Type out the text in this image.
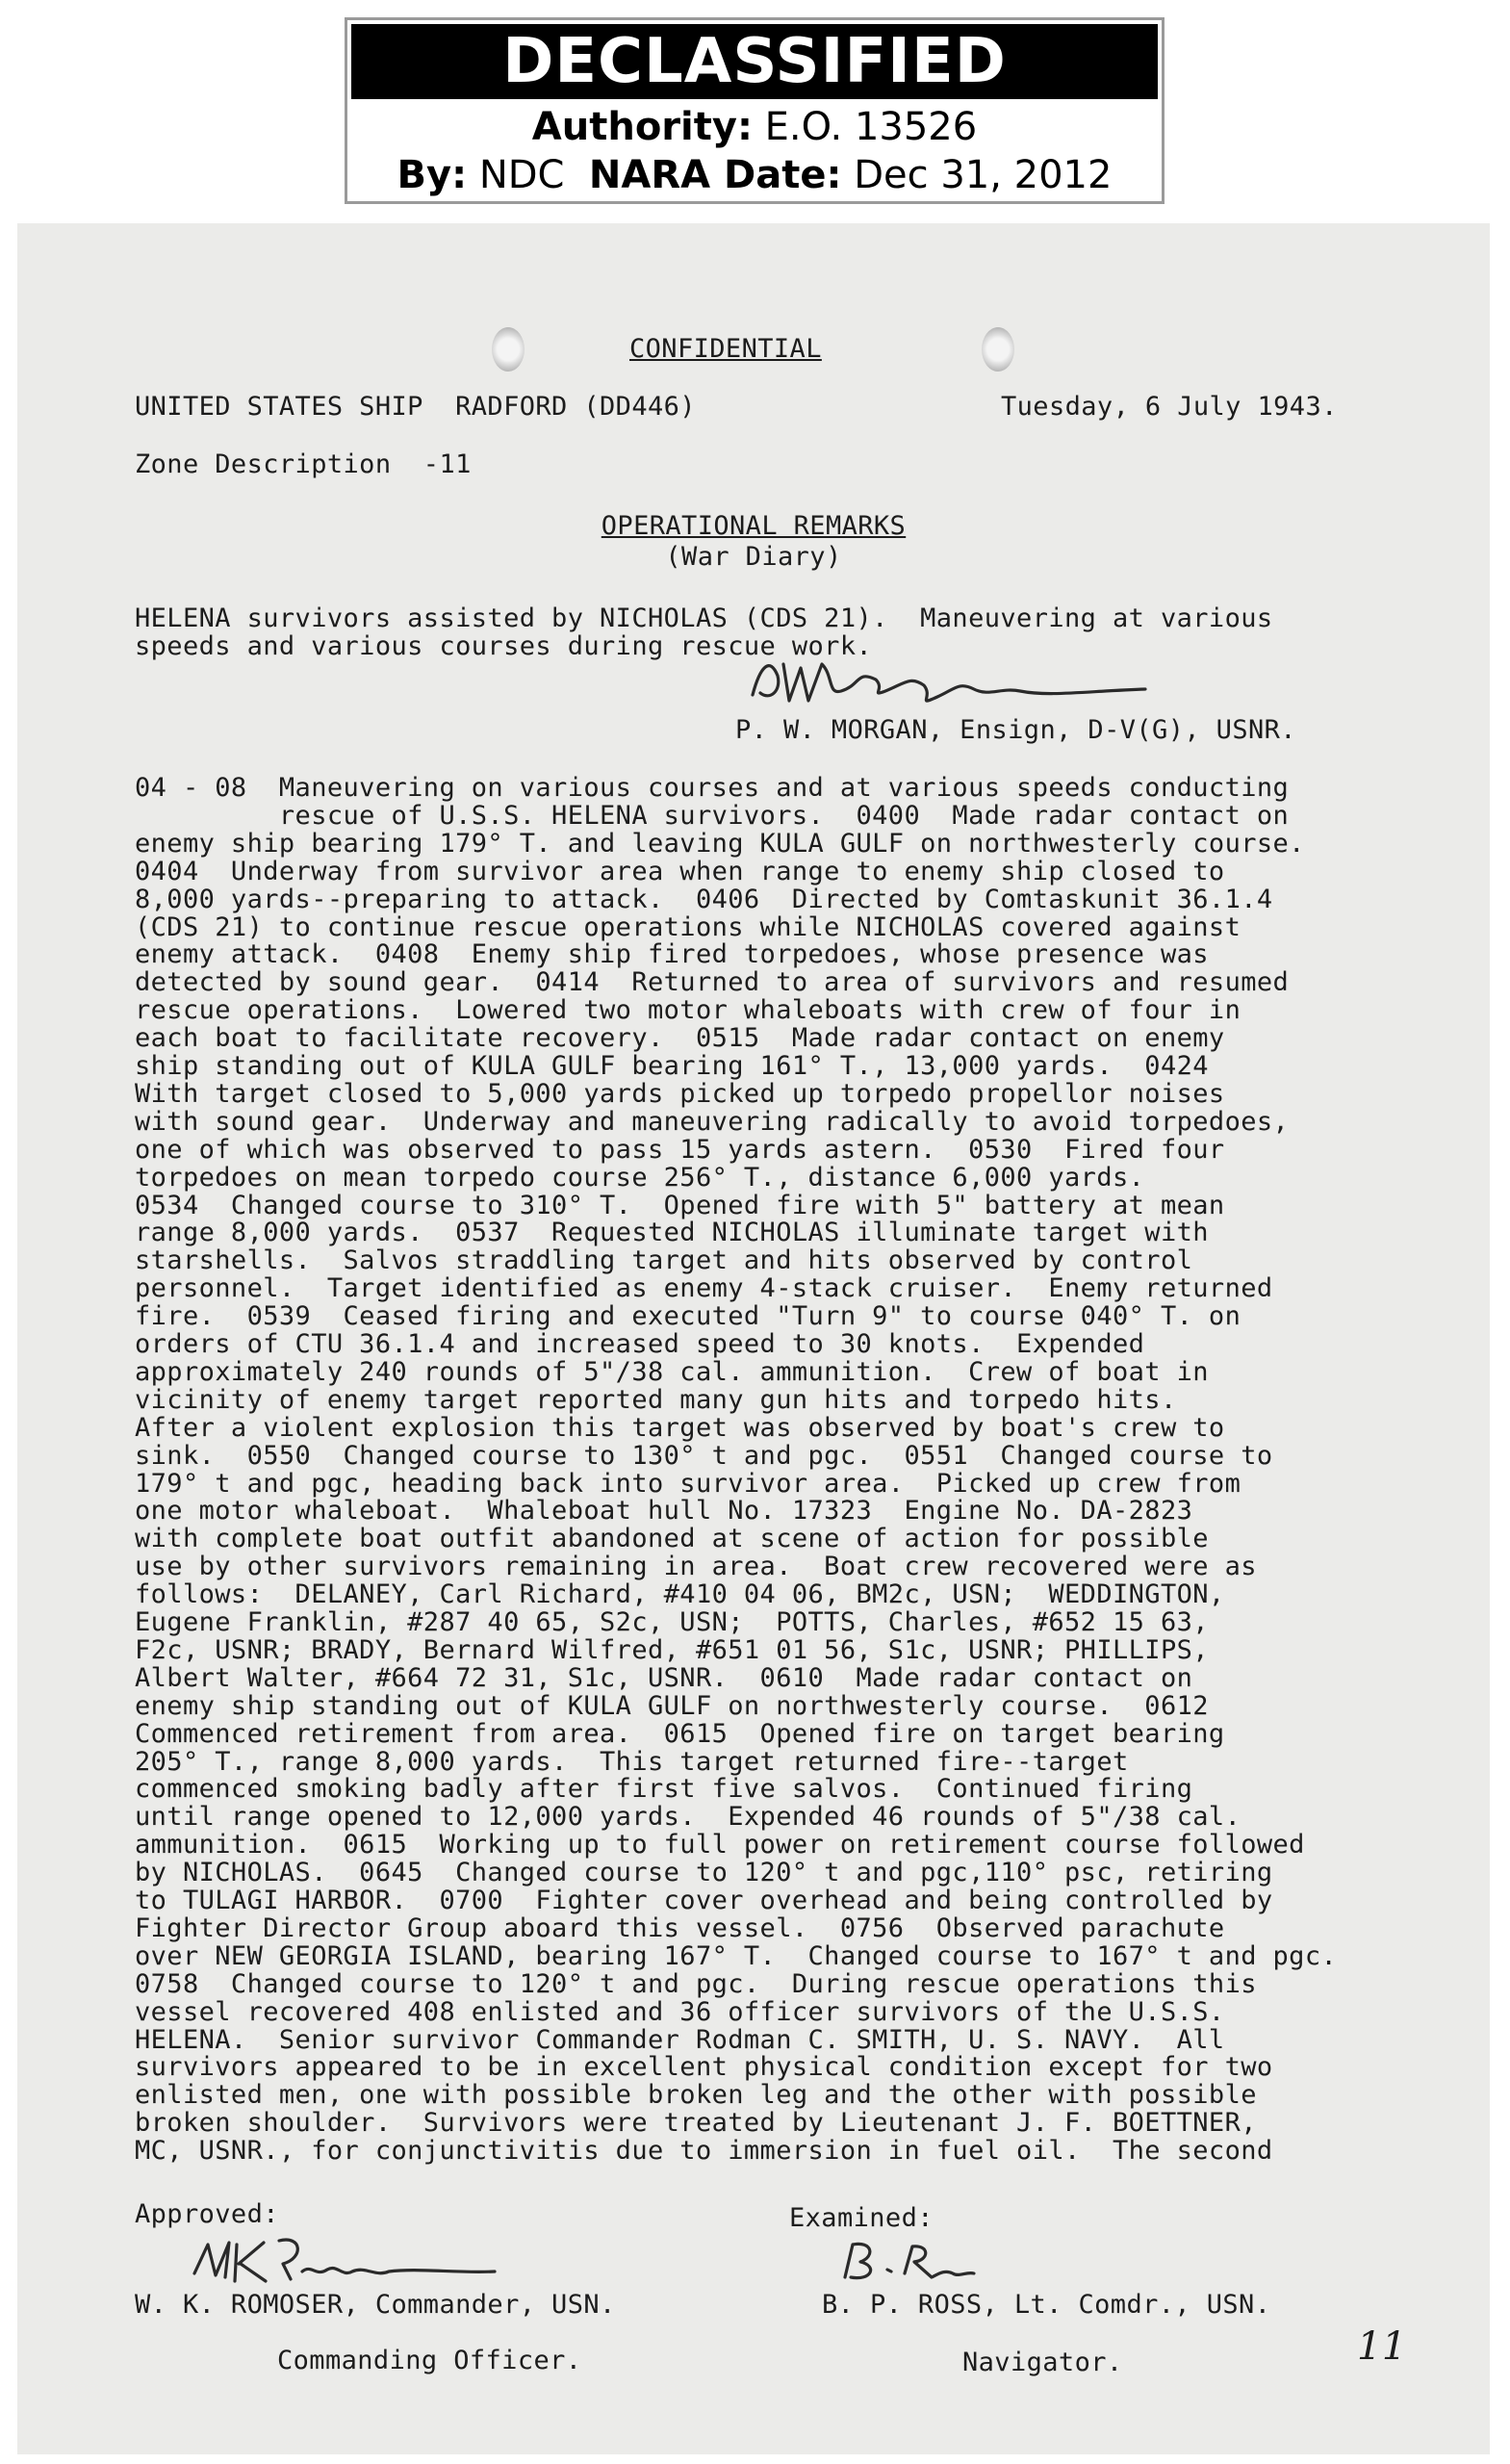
DECLASSIFIED
Authority: E.O. 13526
By: NDC NARA Date: Dec 31, 2012
CONFIDENTIAL
UNITED STATES SHIP  RADFORD (DD446)	Tuesday, 6 July 1943.
Zone Description  -11
OPERATIONAL REMARKS
(War Diary)
HELENA survivors assisted by NICHOLAS (CDS 21).  Maneuvering at various
speeds and various courses during rescue work.
P. W. MORGAN, Ensign, D-V(G), USNR.
04 - 08  Maneuvering on various courses and at various speeds conducting
rescue of U.S.S. HELENA survivors.  0400  Made radar contact on
enemy ship bearing 179° T. and leaving KULA GULF on northwesterly course.
0404  Underway from survivor area when range to enemy ship closed to
8,000 yards--preparing to attack.  0406  Directed by Comtaskunit 36.1.4
(CDS 21) to continue rescue operations while NICHOLAS covered against
enemy attack.  0408  Enemy ship fired torpedoes, whose presence was
detected by sound gear.  0414  Returned to area of survivors and resumed
rescue operations.  Lowered two motor whaleboats with crew of four in
each boat to facilitate recovery.  0515  Made radar contact on enemy
ship standing out of KULA GULF bearing 161° T., 13,000 yards.  0424
With target closed to 5,000 yards picked up torpedo propellor noises
with sound gear.  Underway and maneuvering radically to avoid torpedoes,
one of which was observed to pass 15 yards astern.  0530  Fired four
torpedoes on mean torpedo course 256° T., distance 6,000 yards.
0534  Changed course to 310° T.  Opened fire with 5" battery at mean
range 8,000 yards.  0537  Requested NICHOLAS illuminate target with
starshells.  Salvos straddling target and hits observed by control
personnel.  Target identified as enemy 4-stack cruiser.  Enemy returned
fire.  0539  Ceased firing and executed "Turn 9" to course 040° T. on
orders of CTU 36.1.4 and increased speed to 30 knots.  Expended
approximately 240 rounds of 5"/38 cal. ammunition.  Crew of boat in
vicinity of enemy target reported many gun hits and torpedo hits.
After a violent explosion this target was observed by boat's crew to
sink.  0550  Changed course to 130° t and pgc.  0551  Changed course to
179° t and pgc, heading back into survivor area.  Picked up crew from
one motor whaleboat.  Whaleboat hull No. 17323  Engine No. DA-2823
with complete boat outfit abandoned at scene of action for possible
use by other survivors remaining in area.  Boat crew recovered were as
follows:  DELANEY, Carl Richard, #410 04 06, BM2c, USN;  WEDDINGTON,
Eugene Franklin, #287 40 65, S2c, USN;  POTTS, Charles, #652 15 63,
F2c, USNR; BRADY, Bernard Wilfred, #651 01 56, S1c, USNR; PHILLIPS,
Albert Walter, #664 72 31, S1c, USNR.  0610  Made radar contact on
enemy ship standing out of KULA GULF on northwesterly course.  0612
Commenced retirement from area.  0615  Opened fire on target bearing
205° T., range 8,000 yards.  This target returned fire--target
commenced smoking badly after first five salvos.  Continued firing
until range opened to 12,000 yards.  Expended 46 rounds of 5"/38 cal.
ammunition.  0615  Working up to full power on retirement course followed
by NICHOLAS.  0645  Changed course to 120° t and pgc,110° psc, retiring
to TULAGI HARBOR.  0700  Fighter cover overhead and being controlled by
Fighter Director Group aboard this vessel.  0756  Observed parachute
over NEW GEORGIA ISLAND, bearing 167° T.  Changed course to 167° t and pgc.
0758  Changed course to 120° t and pgc.  During rescue operations this
vessel recovered 408 enlisted and 36 officer survivors of the U.S.S.
HELENA.  Senior survivor Commander Rodman C. SMITH, U. S. NAVY.  All
survivors appeared to be in excellent physical condition except for two
enlisted men, one with possible broken leg and the other with possible
broken shoulder.  Survivors were treated by Lieutenant J. F. BOETTNER,
MC, USNR., for conjunctivitis due to immersion in fuel oil.  The second
Approved:	Examined:
W. K. ROMOSER, Commander, USN.	B. P. ROSS, Lt. Comdr., USN.
Commanding Officer.	Navigator.	11
